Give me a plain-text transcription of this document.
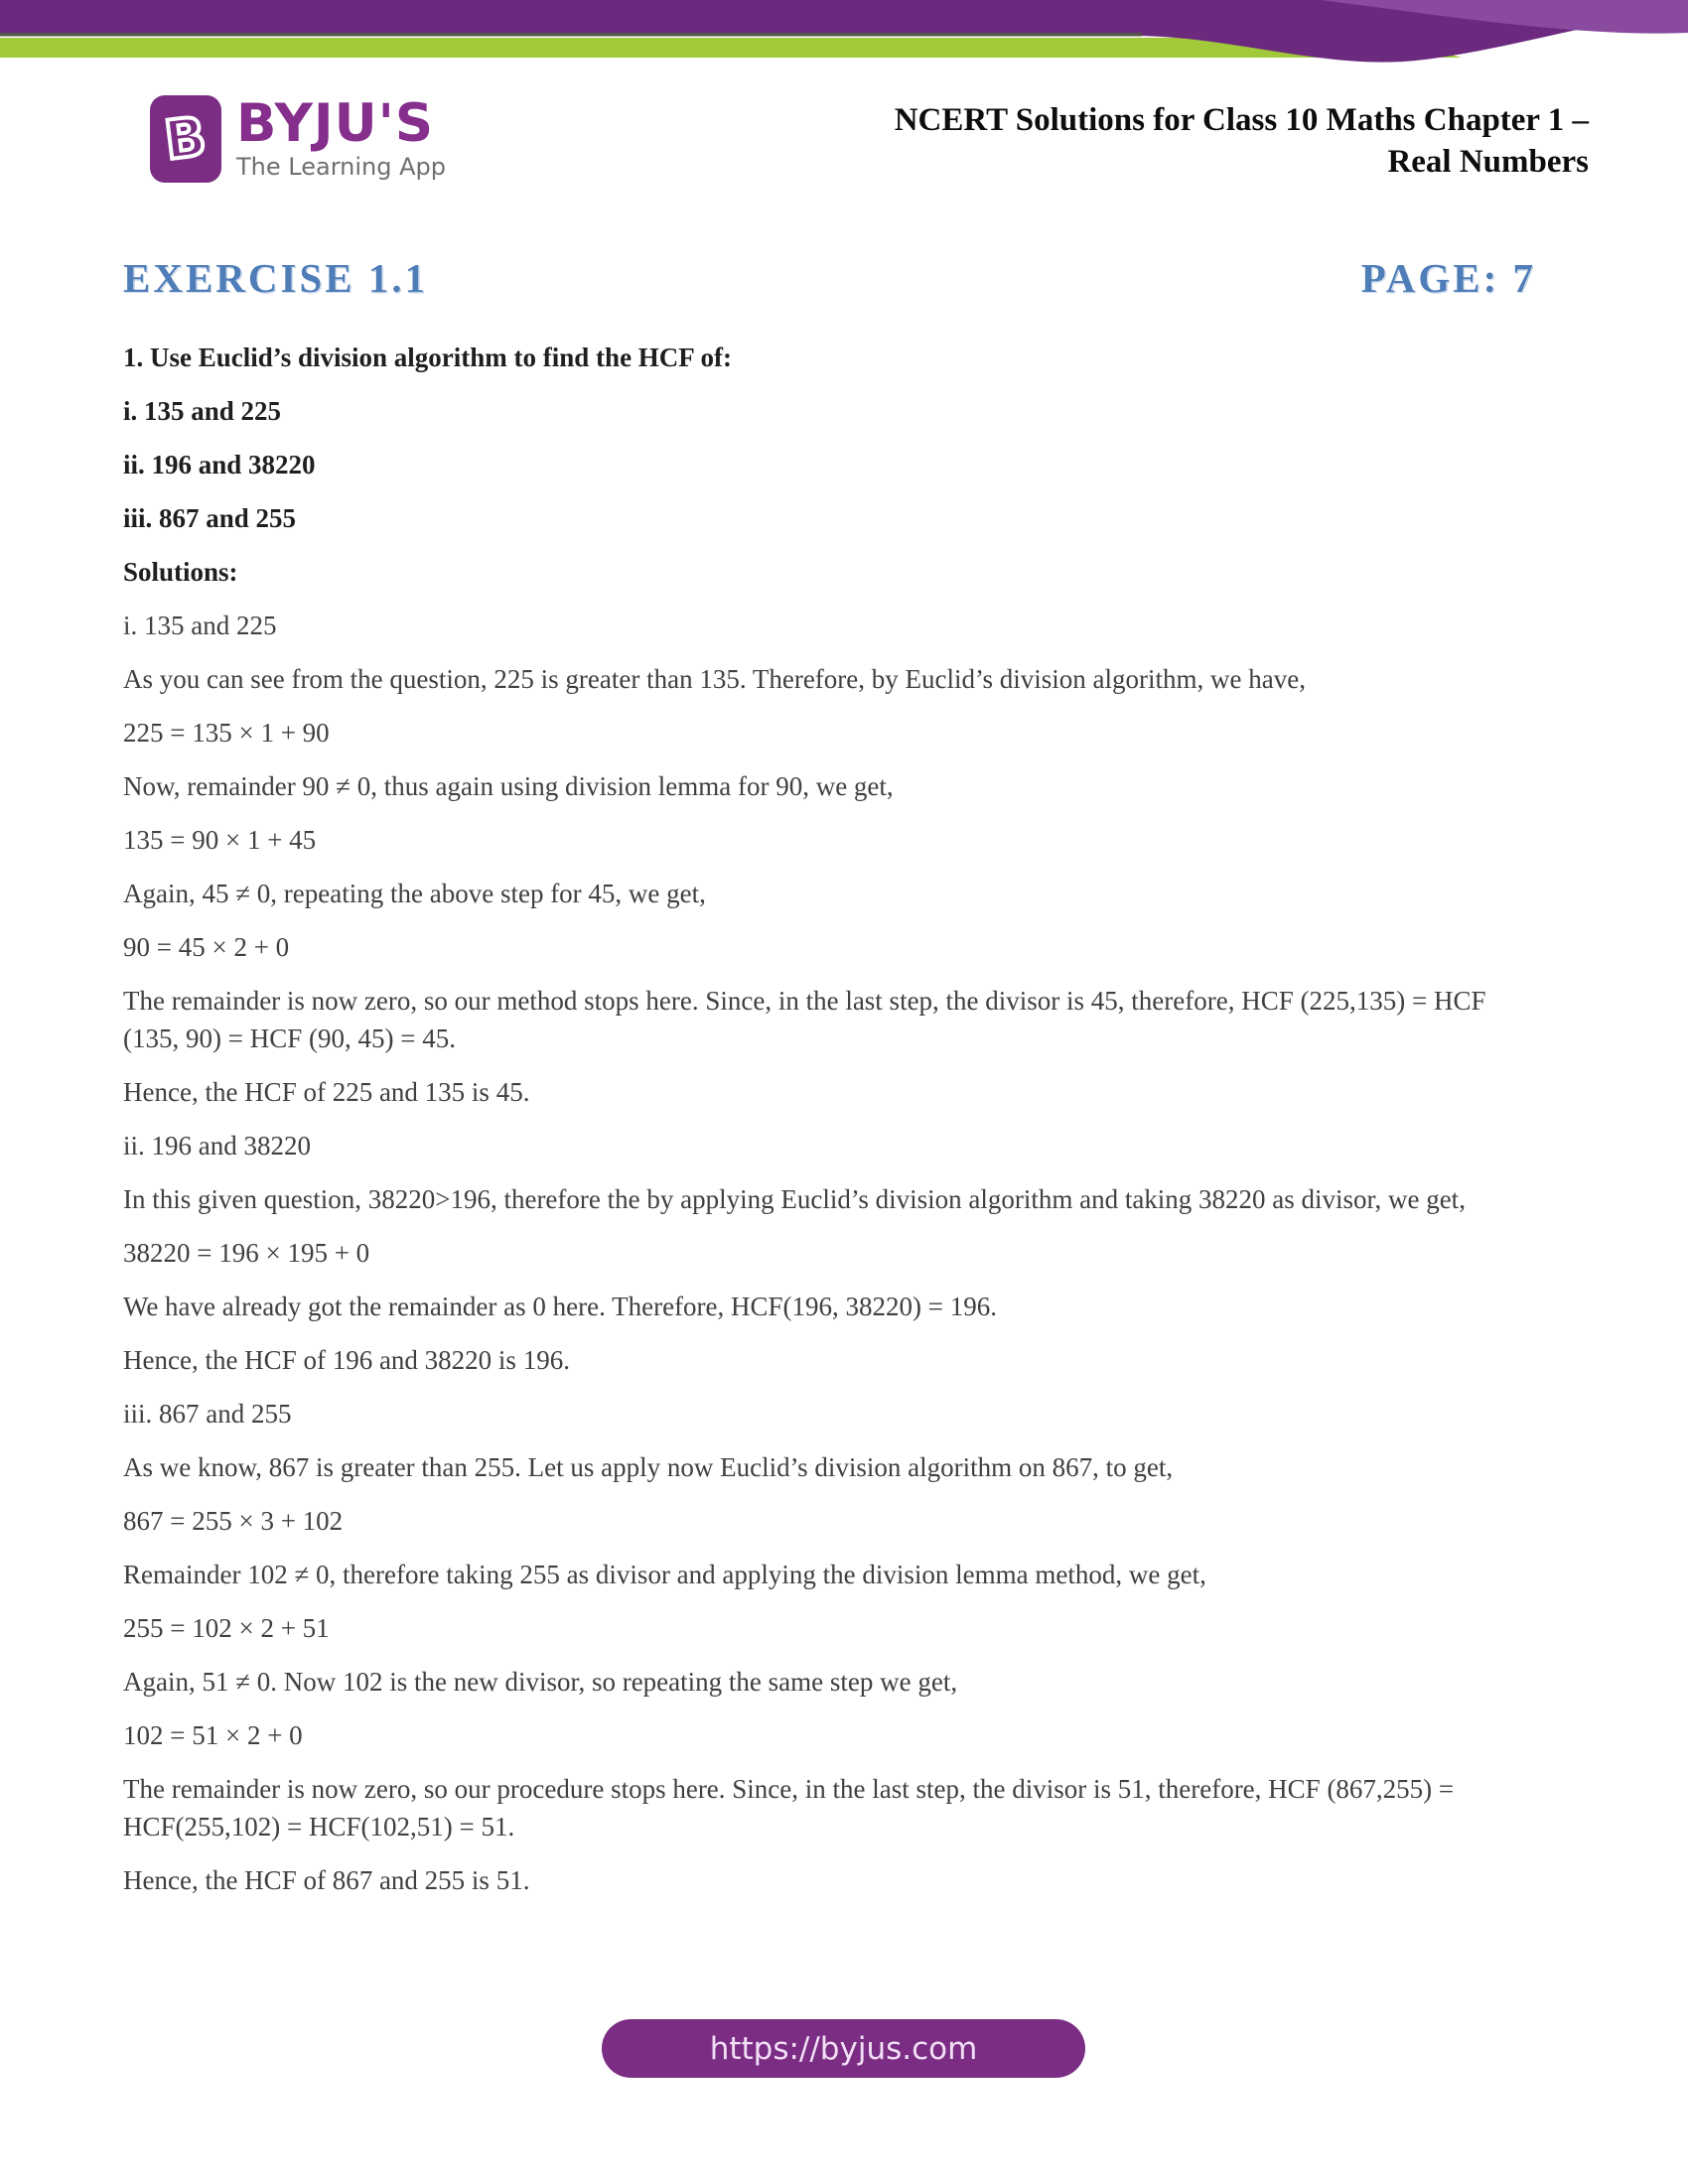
B BYJU'S
The Learning App
NCERT Solutions for Class 10 Maths Chapter 1 –
Real Numbers
EXERCISE 1.1	PAGE: 7

1. Use Euclid’s division algorithm to find the HCF of:

i. 135 and 225

ii. 196 and 38220

iii. 867 and 255

Solutions:

i. 135 and 225

As you can see from the question, 225 is greater than 135. Therefore, by Euclid’s division algorithm, we have,

225 = 135 × 1 + 90

Now, remainder 90 ≠ 0, thus again using division lemma for 90, we get,

135 = 90 × 1 + 45

Again, 45 ≠ 0, repeating the above step for 45, we get,

90 = 45 × 2 + 0

The remainder is now zero, so our method stops here. Since, in the last step, the divisor is 45, therefore, HCF (225,135) = HCF (135, 90) = HCF (90, 45) = 45.

Hence, the HCF of 225 and 135 is 45.

ii. 196 and 38220

In this given question, 38220>196, therefore the by applying Euclid’s division algorithm and taking 38220 as divisor, we get,

38220 = 196 × 195 + 0

We have already got the remainder as 0 here. Therefore, HCF(196, 38220) = 196.

Hence, the HCF of 196 and 38220 is 196.

iii. 867 and 255

As we know, 867 is greater than 255. Let us apply now Euclid’s division algorithm on 867, to get,

867 = 255 × 3 + 102

Remainder 102 ≠ 0, therefore taking 255 as divisor and applying the division lemma method, we get,

255 = 102 × 2 + 51

Again, 51 ≠ 0. Now 102 is the new divisor, so repeating the same step we get,

102 = 51 × 2 + 0

The remainder is now zero, so our procedure stops here. Since, in the last step, the divisor is 51, therefore, HCF (867,255) = HCF(255,102) = HCF(102,51) = 51.

Hence, the HCF of 867 and 255 is 51.

https://byjus.com
